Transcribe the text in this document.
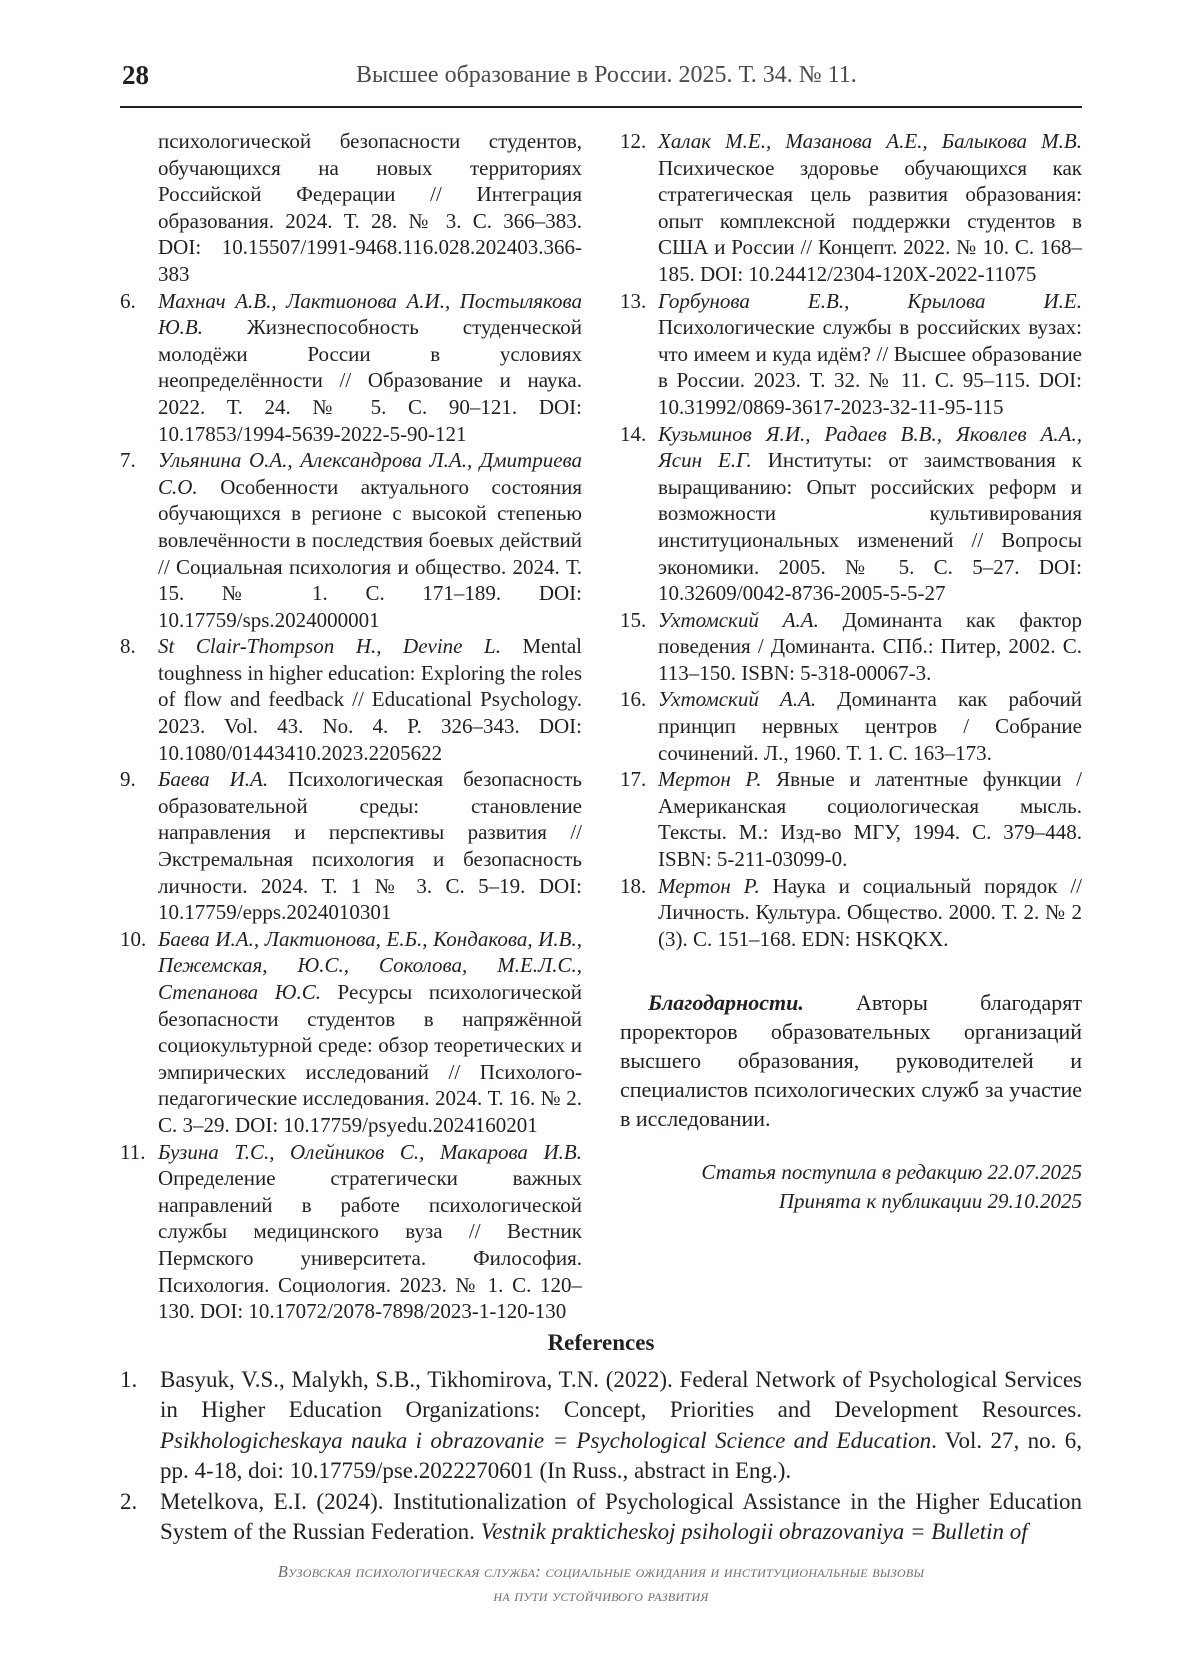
28	Высшее образование в России. 2025. Т. 34. № 11.
психологической безопасности студентов, обучающихся на новых территориях Российской Федерации // Интеграция образования. 2024. Т. 28. № 3. С. 366–383. DOI: 10.15507/1991-9468.116.028.202403.366-383
6.	Махнач А.В., Лактионова А.И., Постылякова Ю.В. Жизнеспособность студенческой молодёжи России в условиях неопределённости // Образование и наука. 2022. Т. 24. № 5. С. 90–121. DOI: 10.17853/1994-5639-2022-5-90-121
7.	Ульянина О.А., Александрова Л.А., Дмитриева С.О. Особенности актуального состояния обучающихся в регионе с высокой степенью вовлечённости в последствия боевых действий // Социальная психология и общество. 2024. Т. 15. № 1. С. 171–189. DOI: 10.17759/sps.2024000001
8.	St Clair-Thompson H., Devine L. Mental toughness in higher education: Exploring the roles of flow and feedback // Educational Psychology. 2023. Vol. 43. No. 4. P. 326–343. DOI: 10.1080/01443410.2023.2205622
9.	Баева И.А. Психологическая безопасность образовательной среды: становление направления и перспективы развития // Экстремальная психология и безопасность личности. 2024. Т. 1 № 3. С. 5–19. DOI: 10.17759/epps.2024010301
10. Баева И.А., Лактионова, Е.Б., Кондакова, И.В., Пежемская, Ю.С., Соколова, М.Е.Л.С., Степанова Ю.С. Ресурсы психологической безопасности студентов в напряжённой социокультурной среде: обзор теоретических и эмпирических исследований // Психолого-педагогические исследования. 2024. Т. 16. № 2. С. 3–29. DOI: 10.17759/psyedu.2024160201
11. Бузина Т.С., Олейников С., Макарова И.В. Определение стратегически важных направлений в работе психологической службы медицинского вуза // Вестник Пермского университета. Философия. Психология. Социология. 2023. № 1. С. 120–130. DOI: 10.17072/2078-7898/2023-1-120-130
12. Халак М.Е., Мазанова А.Е., Балыкова М.В. Психическое здоровье обучающихся как стратегическая цель развития образования: опыт комплексной поддержки студентов в США и России // Концепт. 2022. № 10. С. 168–185. DOI: 10.24412/2304-120X-2022-11075
13. Горбунова Е.В., Крылова И.Е. Психологические службы в российских вузах: что имеем и куда идём? // Высшее образование в России. 2023. Т. 32. № 11. С. 95–115. DOI: 10.31992/0869-3617-2023-32-11-95-115
14. Кузьминов Я.И., Радаев В.В., Яковлев А.А., Ясин Е.Г. Институты: от заимствования к выращиванию: Опыт российских реформ и возможности культивирования институциональных изменений // Вопросы экономики. 2005. № 5. С. 5–27. DOI: 10.32609/0042-8736-2005-5-5-27
15. Ухтомский А.А. Доминанта как фактор поведения / Доминанта. СПб.: Питер, 2002. С. 113–150. ISBN: 5-318-00067-3.
16. Ухтомский А.А. Доминанта как рабочий принцип нервных центров / Собрание сочинений. Л., 1960. Т. 1. С. 163–173.
17. Мертон Р. Явные и латентные функции / Американская социологическая мысль. Тексты. М.: Изд-во МГУ, 1994. С. 379–448. ISBN: 5-211-03099-0.
18. Мертон Р. Наука и социальный порядок // Личность. Культура. Общество. 2000. Т. 2. № 2 (3). С. 151–168. EDN: HSKQKX.

Благодарности. Авторы благодарят проректоров образовательных организаций высшего образования, руководителей и специалистов психологических служб за участие в исследовании.

Статья поступила в редакцию 22.07.2025
Принята к публикации 29.10.2025
References
1. Basyuk, V.S., Malykh, S.B., Tikhomirova, T.N. (2022). Federal Network of Psychological Services in Higher Education Organizations: Concept, Priorities and Development Resources. Psikhologicheskaya nauka i obrazovanie = Psychological Science and Education. Vol. 27, no. 6, pp. 4-18, doi: 10.17759/pse.2022270601 (In Russ., abstract in Eng.).
2. Metelkova, E.I. (2024). Institutionalization of Psychological Assistance in the Higher Education System of the Russian Federation. Vestnik prakticheskoj psihologii obrazovaniya = Bulletin of
Вузовская психологическая служба: социальные ожидания и институциональные вызовы
на пути устойчивого развития
